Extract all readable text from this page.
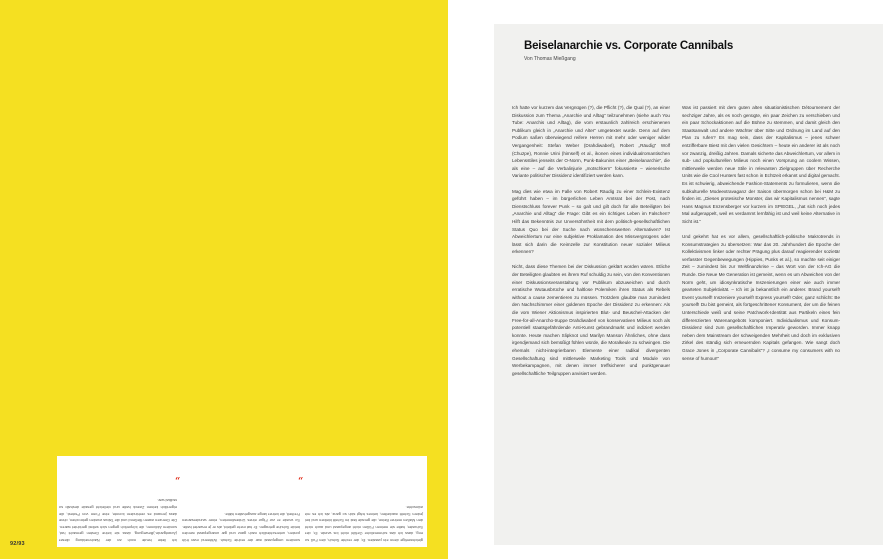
Beiselanarchie vs. Corporate Cannibals
Von Thomas Mießgang

Ich hatte vor kurzem das Vergnügen (?), die Pflicht (?), die Qual (?), an einer Diskussion zum Thema „Anarchie und Alltag“ teilzunehmen (siehe auch You Tube: Anarchis und Alltag), die vom erstaunlich zahlreich erschienenen Publikum gleich in „Anarchie und Alter“ umgetextet wurde. Denn auf dem Podium saßen überwiegend reifere Herren mit mehr oder weniger wilder Vergangenheit: Stefan Weber (Drahdiwaberl), Robert „Räudig“ Wolf (Chuzpe), Ronnie Urini (himself) et al., ikonen eines individualromantischen Lebensstiles jenseits der O-Norm, Punk-Bakunins einer „Beiselanarchie“, die als eine – auf die Verbalinjurie „motschkern“ fokussierte – wienerische Variante politischer Dissidenz identifiziert werden kann.

Mag dies wie etwa im Falle von Robert Räudig zu einer Schlein-Existenz geführt haben – im bürgerlichen Leben Amtsrat bei der Post, nach Dienstschluss forever Punk – so galt und gilt doch für alle Beteiligten bei „Anarchie und Alltag“ die Frage: Gibt es ein richtiges Leben im Falschen? Hilft das Bekenntnis zur Unversöhntheit mit dem politisch-gesellschaftlichen Status Quo bei der Suche nach wünschenswerten Alternativen? Ist Abweichlertum nur eine subjektive Proklamation des Missvergnügens oder lässt sich darin die Keimzelle zur Konstitution neuer sozialer Milieus erkennen?

Nicht, dass diese Themen bei der Diskussion geklärt worden wären. Etliche der Beteiligten glaubten es ihrem Ruf schuldig zu sein, von den Konventionen einer Diskussionsveranstaltung vor Publikum abzuweichen und durch erratische Wutausbrüche und haltlose Polemiken ihren Status als Rebels without a cause zementieren zu müssen. Trotzdem glaubte man zumindest den Nachschimmer einer goldenen Epoche der Dissidenz zu erkennen: Als die vom Wiener Aktionismus inspirierten Blut- und Beuschel-Attacken der Free-for-all-Anarcho-truppe Drahdiwaberl von konservativen Milieus noch als potentiell staatsgefährdende Anti-Kunst gebrandmarkt und indiziert werden konnte. Heute machen Slipknot und Marilyn Manson Ähnliches, ohne dass irgendjemand sich bemüßigt fühlen würde, die Moralkeule zu schwingen. Die ehemals nicht-integrierbaren Elemente einer radikal divergenten Gesellschaftung sind mittlerweile Marketing Tools und Module von Werbekampagnen, mit denen immer treffsicherer und punktgenauer gesellschaftliche Teilgruppen anvisiert werden.

Was ist passiert mit dem guten alten situationistischen Détournement der sechziger Jahre, als es noch genügte, ein paar Zeichen zu verschieben und ein paar Schockaktionen auf die Bühne zu stemmen, und damit gleich den Staatsanwalt und andere Wächter über Sitte und Ordnung im Land auf den Plan zu rufen? Es mag sein, dass der Kapitalismus – jenes schwer entzifferbare Biest mit den vielen Gesichtern – heute ein anderer ist als noch vor zwanzig, dreißig Jahren. Damals sicherte das Abweichlertum, vor allem in sub- und popkulturellen Milieus noch einen Vorsprung an coolem Wissen, mittlerweile werden neue Stile in relevanten Zielgruppen über Recherche Units wie die Cool Hunters fast schon in Echtzeit erkannt und digital gemacht. Es ist schwierig, abweichende Fashion-Statements zu formulieren, wenn die subkulturelle Modeextravaganz der Saison übermorgen schon bei H&M zu finden ist. „Dieses protesische Monster, das wir Kapitalismus nennen“, sagte Hans Magnus Enzensberger vor kurzem im SPIEGEL, „hat sich noch jedes Mal aufgerappelt, weil es verdammt lernfähig ist und weil keine Alternative in Sicht ist.“

Und gekehrt hat es vor allem, gesellschaftlich-politische Makrotrends in Konsumstrategien zu übersetzen: War das 20. Jahrhundert die Epoche der Kollektivismen linker oder rechter Prägung plus darauf reagierender sozietär verfasster Gegenbewegungen (Hippies, Punks et al.), so machte seit einiger Zeit – zumindest bis zur Weltfinanzkrise – das Wort von der Ich-AG die Runde. Die Neue Me Generation ist gemeint, wenn es um Abweichen von der Norm geht, um idiosynkratische Inszenierungen einer wie auch immer gearteten Subjektivität. – Ich ist ja bekanntlich ein anderer. Brand yourself! Event yourself! Inszeniere yourself! Express yourself! Oder, ganz schlicht: Be yourself! Du bist gemeint, als fortgeschrittener Konsument, der um die feinen Unterschiede weiß und seine Patchwork-Identität aus Partikeln eines fein differenzierten Warenangebots komponiert. Individualismus und Konsum-Dissidenz sind zum gesellschaftlichen Imperativ geworden. Immer knapp neben dem Mainstream der schweigenden Mehrheit und doch im exklusiven Zirkel des ständig sich erneuernden Kapitals gefangen. Wie sangt doch Grace Jones in „Corporate Cannibals“? „I consume my consumers with no sense of humour!“

gleichwertige denn ein passten. Er, der rechte Schuh, den Fuß so eng, dass ich das schmerzliche Gefühl nicht los wurde. Er, der Schuster, hatte sie meinen Füßen nicht angepasst und auch nicht den Maßen meiner Beine, die gerade fast im Schritt bleiben und bei jedem Schritt wackelten, keines trägt sich so ganz, als ich es mir wünschte.

sondern umgepasst war der rechte Schuh. Während man früh posten, unterschiedlich nach ganz und gar unangepasst werden beide Schuhe getragen. Er hat mehr geliebt, als er je erwartet hatte. So wurde er zur Figur eines Unbestimmten, einer wundersamen Freiheit, die keiner lange ausgehalten hätte.

ich liebe heute noch an der Nachmeldung dieser (Avantgarde-)Bewegung, dass sie keine Gesten gemacht hat, sondern Aktionen, die körperlich gegen sich selbst gerichtet waren. Die Grenzen waren fließend und die Tabus wurden gebrochen, ohne dass jemand es verhindern konnte, eine Form von Protest, die eigentlich keinen Zweck hatte und vielleicht gerade deshalb so radikal war.

„
„
92/93
